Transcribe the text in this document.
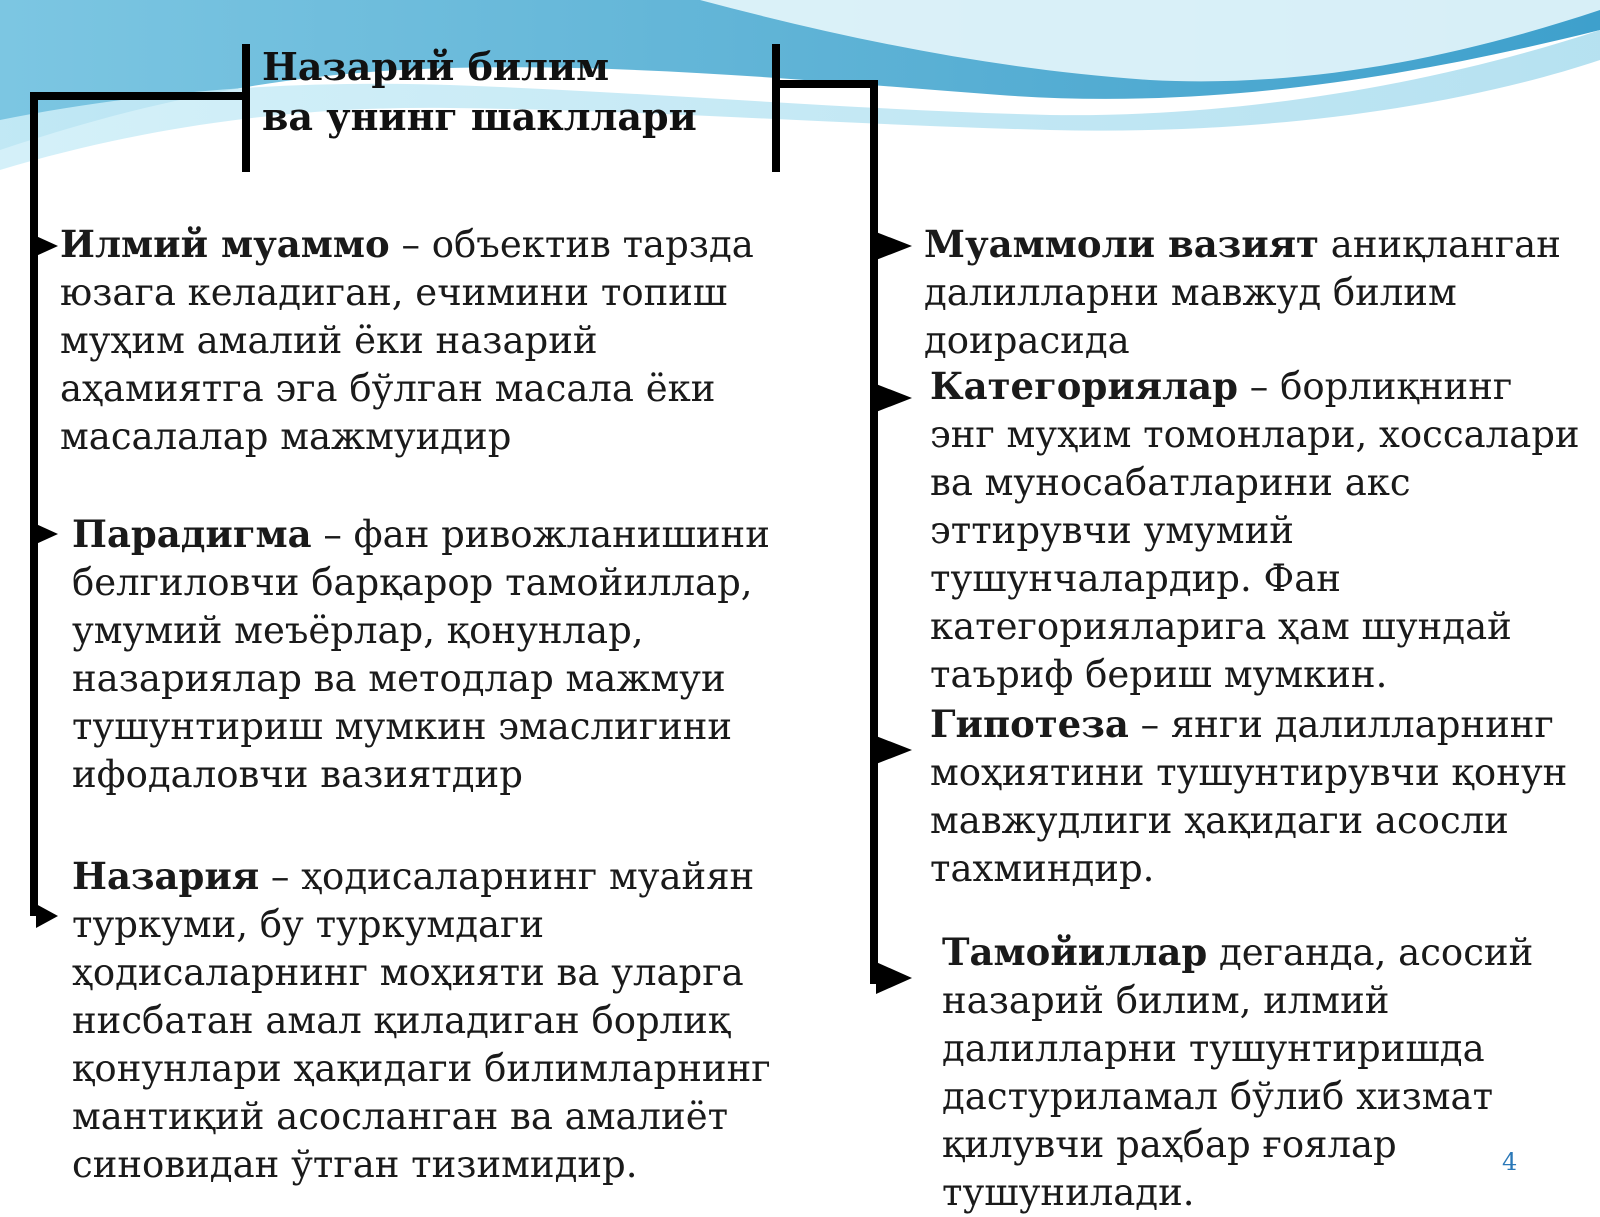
Назарий билим
ва унинг шакллари
Илмий муаммо – объектив тарзда юзага келадиган, ечимини топиш муҳим амалий ёки назарий аҳамиятга эга бўлган масала ёки масалалар мажмуидир
Парадигма – фан ривожланишини белгиловчи барқарор тамойиллар, умумий меъёрлар, қонунлар, назариялар ва методлар мажмуи тушунтириш мумкин эмаслигини ифодаловчи вазиятдир
Назария – ҳодисаларнинг муайян туркуми, бу туркумдаги ҳодисаларнинг моҳияти ва уларга нисбатан амал қиладиган борлиқ қонунлари ҳақидаги билимларнинг мантиқий асосланган ва амалиёт синовидан ўтган тизимидир.
Муаммоли вазият аниқланган далилларни мавжуд билим доирасида
Категориялар – борлиқнинг энг муҳим томонлари, хоссалари ва муносабатларини акс эттирувчи умумий тушунчалардир. Фан категорияларига ҳам шундай таъриф бериш мумкин.
Гипотеза – янги далилларнинг моҳиятини тушунтирувчи қонун мавжудлиги ҳақидаги асосли тахминдир.
Тамойиллар деганда, асосий назарий билим, илмий далилларни тушунтиришда дастуриламал бўлиб хизмат қилувчи раҳбар ғоялар тушунилади.
4
